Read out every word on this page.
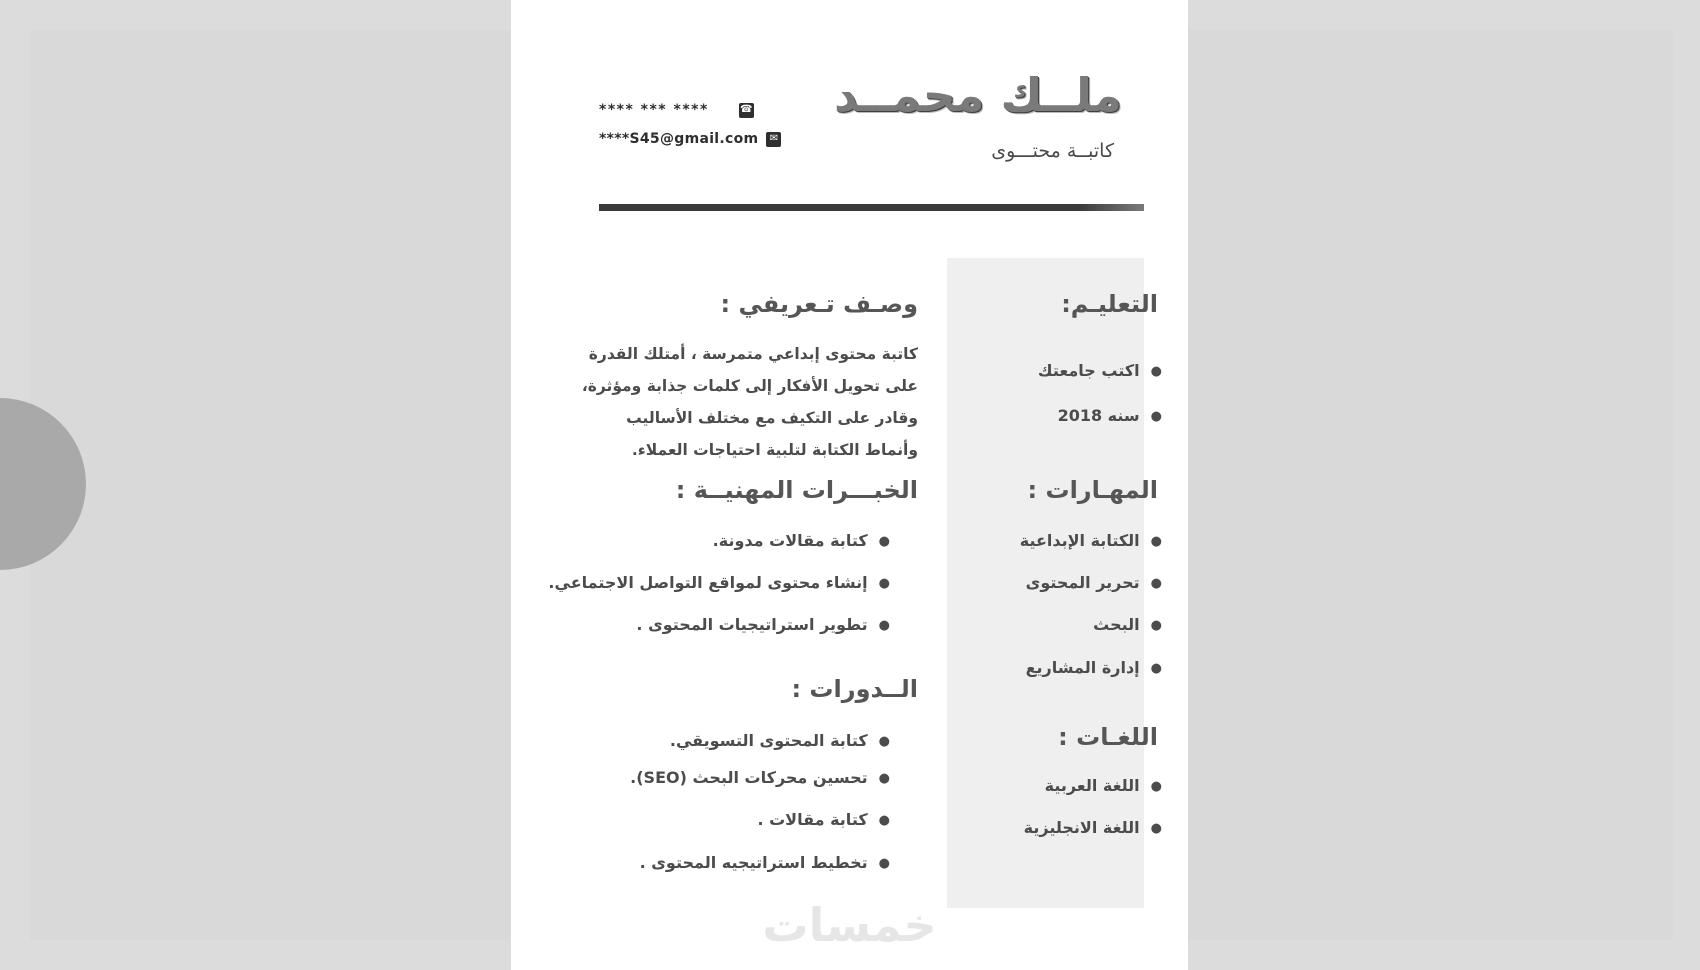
ملــك محمــد
كاتبــة محتـــوى
**** *** ****	☎
****S45@gmail.com	✉
التعليـم:
●اكتب جامعتك
●سنه 2018
المهـارات :
●الكتابة الإبداعية
●تحرير المحتوى
●البحث
●إدارة المشاريع
اللغـات :
●اللغة العربية
●اللغة الانجليزية
وصـف تـعريفي :
كاتبة محتوى إبداعي متمرسة ، أمتلك القدرة على تحويل الأفكار إلى كلمات جذابة ومؤثرة، وقادر على التكيف مع مختلف الأساليب وأنماط الكتابة لتلبية احتياجات العملاء.
الخبـــرات المهنيــة :
●كتابة مقالات مدونة.
●إنشاء محتوى لمواقع التواصل الاجتماعي.
●تطوير استراتيجيات المحتوى .
الــدورات :
●كتابة المحتوى التسويقي.
●تحسين محركات البحث (SEO).
●كتابة مقالات .
●تخطيط استراتيجيه المحتوى .
خمسات
